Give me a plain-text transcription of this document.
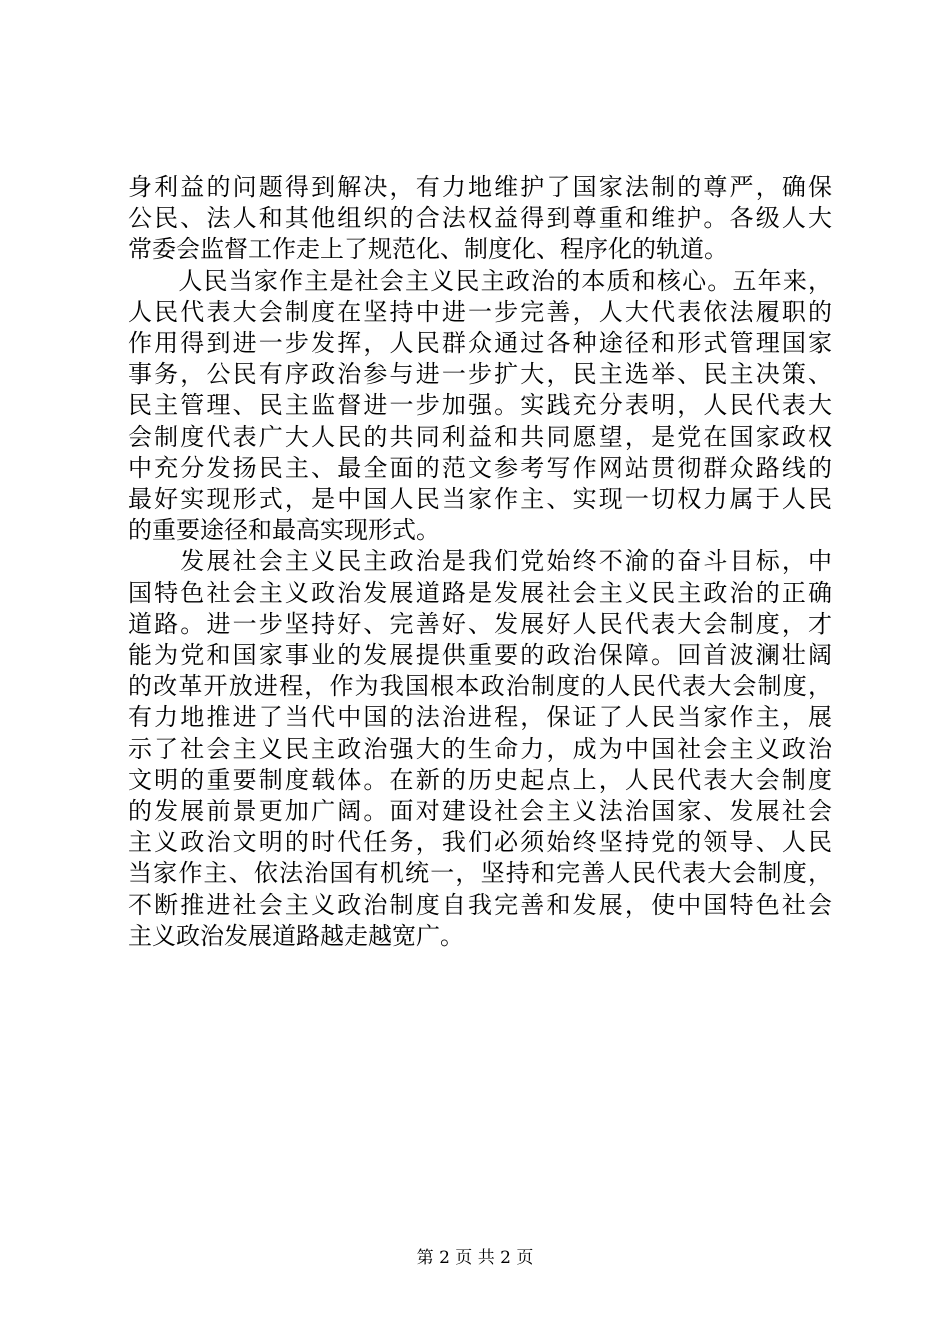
身利益的问题得到解决，有力地维护了国家法制的尊严，确保
公民、法人和其他组织的合法权益得到尊重和维护。各级人大
常委会监督工作走上了规范化、制度化、程序化的轨道。

　　人民当家作主是社会主义民主政治的本质和核心。五年来，
人民代表大会制度在坚持中进一步完善，人大代表依法履职的
作用得到进一步发挥，人民群众通过各种途径和形式管理国家
事务，公民有序政治参与进一步扩大，民主选举、民主决策、
民主管理、民主监督进一步加强。实践充分表明，人民代表大
会制度代表广大人民的共同利益和共同愿望，是党在国家政权
中充分发扬民主、最全面的范文参考写作网站贯彻群众路线的
最好实现形式，是中国人民当家作主、实现一切权力属于人民
的重要途径和最高实现形式。

　　发展社会主义民主政治是我们党始终不渝的奋斗目标，中
国特色社会主义政治发展道路是发展社会主义民主政治的正确
道路。进一步坚持好、完善好、发展好人民代表大会制度，才
能为党和国家事业的发展提供重要的政治保障。回首波澜壮阔
的改革开放进程，作为我国根本政治制度的人民代表大会制度，
有力地推进了当代中国的法治进程，保证了人民当家作主，展
示了社会主义民主政治强大的生命力，成为中国社会主义政治
文明的重要制度载体。在新的历史起点上，人民代表大会制度
的发展前景更加广阔。面对建设社会主义法治国家、发展社会
主义政治文明的时代任务，我们必须始终坚持党的领导、人民
当家作主、依法治国有机统一，坚持和完善人民代表大会制度，
不断推进社会主义政治制度自我完善和发展，使中国特色社会
主义政治发展道路越走越宽广。

第 2 页 共 2 页
